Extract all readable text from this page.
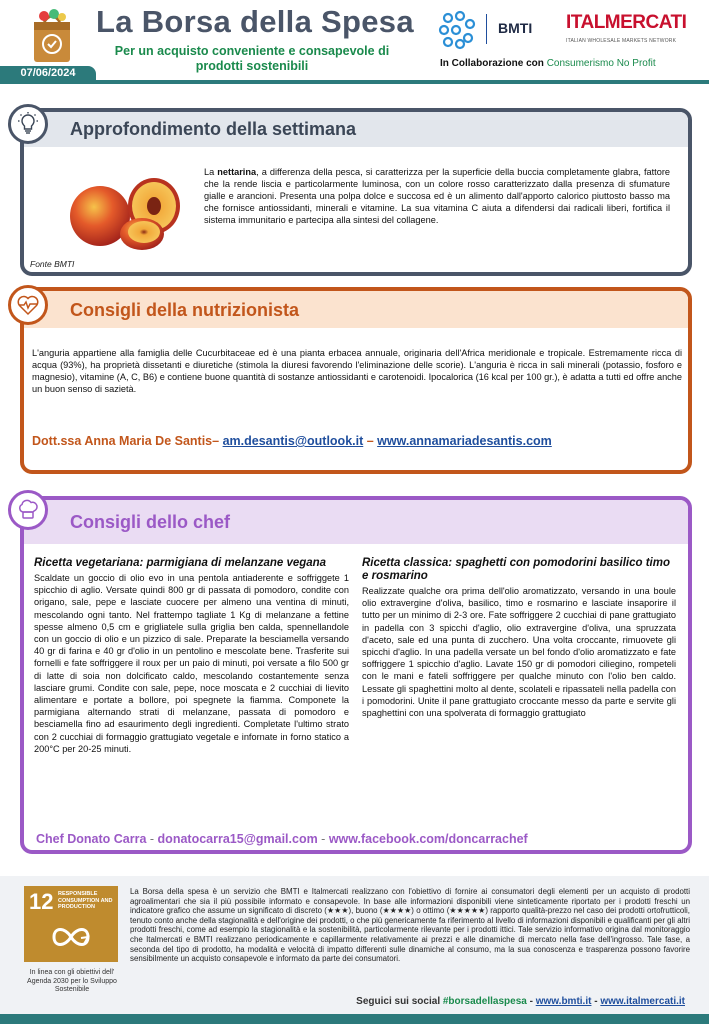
La Borsa della Spesa
Per un acquisto conveniente e consapevole di prodotti sostenibili
07/06/2024
BMTI ITALMERCATI
ITALIAN WHOLESALE MARKETS NETWORK
In Collaborazione con Consumerismo No Profit
Approfondimento della settimana
La nettarina, a differenza della pesca, si caratterizza per la superficie della buccia completamente glabra, fattore che la rende liscia e particolarmente luminosa, con un colore rosso caratterizzato dalla presenza di sfumature gialle e arancioni. Presenta una polpa dolce e succosa ed è un alimento dall'apporto calorico piuttosto basso ma che fornisce antiossidanti, minerali e vitamine. La sua vitamina C aiuta a difendersi dai radicali liberi, fortifica il sistema immunitario e partecipa alla sintesi del collagene.
Fonte BMTI
Consigli della nutrizionista
L'anguria appartiene alla famiglia delle Cucurbitaceae ed è una pianta erbacea annuale, originaria dell'Africa meridionale e tropicale. Estremamente ricca di acqua (93%), ha proprietà dissetanti e diuretiche (stimola la diuresi favorendo l'eliminazione delle scorie). L'anguria è ricca in sali minerali (potassio, fosforo e magnesio), vitamine (A, C, B6) e contiene buone quantità di sostanze antiossidanti e carotenoidi. Ipocalorica (16 kcal per 100 gr.), è adatta a tutti ed offre anche un buon senso di sazietà.
Dott.ssa Anna Maria De Santis– am.desantis@outlook.it – www.annamariadesantis.com
Consigli dello chef
Ricetta vegetariana: parmigiana di melanzane vegana
Scaldate un goccio di olio evo in una pentola antiaderente e soffriggete 1 spicchio di aglio. Versate quindi 800 gr di passata di pomodoro, condite con origano, sale, pepe e lasciate cuocere per almeno una ventina di minuti, mescolando ogni tanto. Nel frattempo tagliate 1 Kg di melanzane a fettine spesse almeno 0,5 cm e grigliatele sulla griglia ben calda, spennellandole con un goccio di olio e un pizzico di sale. Preparate la besciamella versando 40 gr di farina e 40 gr d'olio in un pentolino e mescolate bene. Trasferite sui fornelli e fate soffriggere il roux per un paio di minuti, poi versate a filo 500 gr di latte di soia non dolcificato caldo, mescolando costantemente senza lasciare grumi. Condite con sale, pepe, noce moscata e 2 cucchiai di lievito alimentare e portate a bollore, poi spegnete la fiamma. Componete la parmigiana alternando strati di melanzane, passata di pomodoro e besciamella fino ad esaurimento degli ingredienti. Completate l'ultimo strato con 2 cucchiai di formaggio grattugiato vegetale e infornate in forno statico a 200°C per 20-25 minuti.
Ricetta classica: spaghetti con pomodorini basilico timo e rosmarino
Realizzate qualche ora prima dell'olio aromatizzato, versando in una boule olio extravergine d'oliva, basilico, timo e rosmarino e lasciate insaporire il tutto per un minimo di 2-3 ore. Fate soffriggere 2 cucchiai di pane grattugiato in padella con 3 spicchi d'aglio, olio extravergine d'oliva, una spruzzata d'aceto, sale ed una punta di zucchero. Una volta croccante, rimuovete gli spicchi d'aglio. In una padella versate un bel fondo d'olio aromatizzato e fate soffriggere 1 spicchio d'aglio. Lavate 150 gr di pomodori ciliegino, rompeteli con le mani e fateli soffriggere per qualche minuto con l'olio ben caldo. Lessate gli spaghettini molto al dente, scolateli e ripassateli nella padella con i pomodorini. Unite il pane grattugiato croccante messo da parte e servite gli spaghettini con una spolverata di formaggio grattugiato
Chef Donato Carra - donatocarra15@gmail.com - www.facebook.com/doncarrachef
12 RESPONSIBLE CONSUMPTION AND PRODUCTION
In linea con gli obiettivi dell' Agenda 2030 per lo Sviluppo Sostenibile
La Borsa della spesa è un servizio che BMTI e Italmercati realizzano con l'obiettivo di fornire ai consumatori degli elementi per un acquisto di prodotti agroalimentari che sia il più possibile informato e consapevole. In base alle informazioni disponibili viene sinteticamente riportato per i prodotti freschi un indicatore grafico che assume un significato di discreto (★★★), buono (★★★★) o ottimo (★★★★★) rapporto qualità-prezzo nel caso dei prodotti ortofrutticoli, tenuto conto anche della stagionalità e dell'origine dei prodotti, o che più genericamente fa riferimento al livello di informazioni disponibili e qualificanti per gli altri prodotti freschi, come ad esempio la stagionalità e la sostenibilità, particolarmente rilevante per i prodotti ittici. Tale servizio informativo origina dal monitoraggio che Italmercati e BMTI realizzano periodicamente e capillarmente relativamente ai prezzi e alle dinamiche di mercato nella fase dell'ingrosso. Tale fase, a seconda del tipo di prodotto, ha modalità e velocità di impatto differenti sulle dinamiche al consumo, ma la sua conoscenza e trasparenza possono favorire sensibilmente un acquisto consapevole e informato da parte dei consumatori.
Seguici sui social #borsadellaspesa - www.bmti.it - www.italmercati.it
